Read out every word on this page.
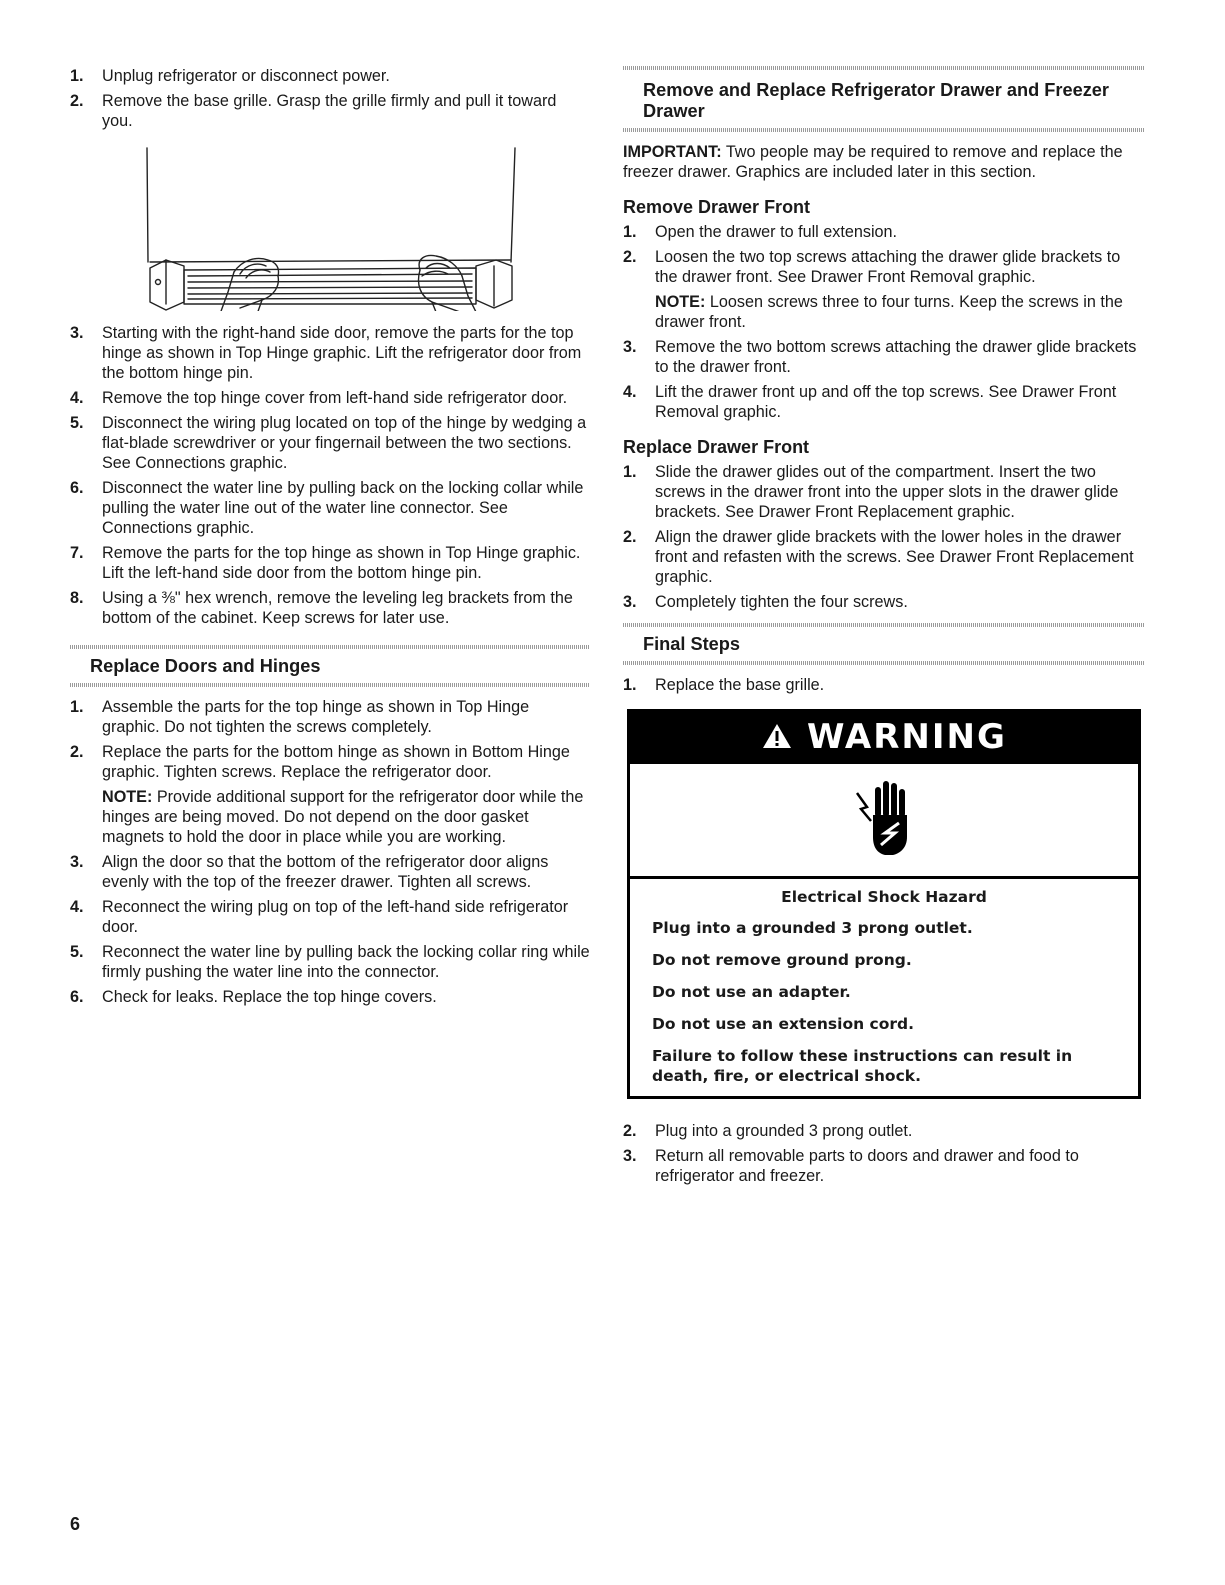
1.	Unplug refrigerator or disconnect power.
2.	Remove the base grille. Grasp the grille firmly and pull it toward you.
3.	Starting with the right-hand side door, remove the parts for the top hinge as shown in Top Hinge graphic. Lift the refrigerator door from the bottom hinge pin.
4.	Remove the top hinge cover from left-hand side refrigerator door.
5.	Disconnect the wiring plug located on top of the hinge by wedging a flat-blade screwdriver or your fingernail between the two sections. See Connections graphic.
6.	Disconnect the water line by pulling back on the locking collar while pulling the water line out of the water line connector. See Connections graphic.
7.	Remove the parts for the top hinge as shown in Top Hinge graphic. Lift the left-hand side door from the bottom hinge pin.
8.	Using a ⅜" hex wrench, remove the leveling leg brackets from the bottom of the cabinet. Keep screws for later use.
Replace Doors and Hinges
1.	Assemble the parts for the top hinge as shown in Top Hinge graphic. Do not tighten the screws completely.
2.	Replace the parts for the bottom hinge as shown in Bottom Hinge graphic. Tighten screws. Replace the refrigerator door.
NOTE: Provide additional support for the refrigerator door while the hinges are being moved. Do not depend on the door gasket magnets to hold the door in place while you are working.
3.	Align the door so that the bottom of the refrigerator door aligns evenly with the top of the freezer drawer. Tighten all screws.
4.	Reconnect the wiring plug on top of the left-hand side refrigerator door.
5.	Reconnect the water line by pulling back the locking collar ring while firmly pushing the water line into the connector.
6.	Check for leaks. Replace the top hinge covers.
Remove and Replace Refrigerator Drawer and Freezer Drawer

IMPORTANT: Two people may be required to remove and replace the freezer drawer. Graphics are included later in this section.

Remove Drawer Front
1.	Open the drawer to full extension.
2.	Loosen the two top screws attaching the drawer glide brackets to the drawer front. See Drawer Front Removal graphic.
NOTE: Loosen screws three to four turns. Keep the screws in the drawer front.
3.	Remove the two bottom screws attaching the drawer glide brackets to the drawer front.
4.	Lift the drawer front up and off the top screws. See Drawer Front Removal graphic.
Replace Drawer Front
1.	Slide the drawer glides out of the compartment. Insert the two screws in the drawer front into the upper slots in the drawer glide brackets. See Drawer Front Replacement graphic.
2.	Align the drawer glide brackets with the lower holes in the drawer front and refasten with the screws. See Drawer Front Replacement graphic.
3.	Completely tighten the four screws.
Final Steps
1.	Replace the base grille.
WARNING
Electrical Shock Hazard

Plug into a grounded 3 prong outlet.

Do not remove ground prong.

Do not use an adapter.

Do not use an extension cord.

Failure to follow these instructions can result in death, fire, or electrical shock.

2.	Plug into a grounded 3 prong outlet.
3.	Return all removable parts to doors and drawer and food to refrigerator and freezer.
6
